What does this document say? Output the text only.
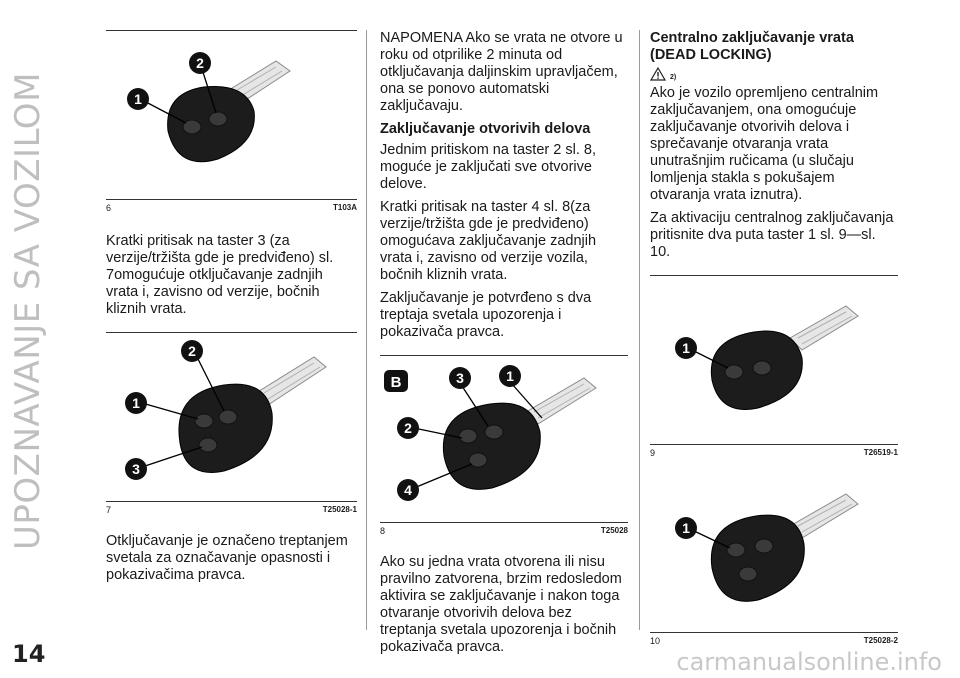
UPOZNAVANJE SA VOZILOM
14
1
2
6	T103A

Kratki pritisak na taster 3 (za verzije/tržišta gde je predviđeno) sl. 7omogućuje otključavanje zadnjih vrata i, zavisno od verzije, bočnih kliznih vrata.

1
2
3
7	T25028-1

Otključavanje je označeno treptanjem svetala za označavanje opasnosti i pokazivačima pravca.

NAPOMENA Ako se vrata ne otvore u roku od otprilike 2 minuta od otključavanja daljinskim upravljačem, ona se ponovo automatski zaključavaju.

Zaključavanje otvorivih delova

Jednim pritiskom na taster 2 sl. 8, moguće je zaključati sve otvorive delove.

Kratki pritisak na taster 4 sl. 8(za verzije/tržišta gde je predviđeno) omogućava zaključavanje zadnjih vrata i, zavisno od verzije vozila, bočnih kliznih vrata.

Zaključavanje je potvrđeno s dva treptaja svetala upozorenja i pokazivača pravca.

B	3	1
2
4
8	T25028

Ako su jedna vrata otvorena ili nisu pravilno zatvorena, brzim redosledom aktivira se zaključavanje i nakon toga otvaranje otvorivih delova bez treptanja svetala upozorenja i bočnih pokazivača pravca.

Centralno zaključavanje vrata (DEAD LOCKING)
2)

Ako je vozilo opremljeno centralnim zaključavanjem, ona omogućuje zaključavanje otvorivih delova i sprečavanje otvaranja vrata unutrašnjim ručicama (u slučaju lomljenja stakla s pokušajem otvaranja vrata iznutra).

Za aktivaciju centralnog zaključavanja pritisnite dva puta taster 1 sl. 9—sl. 10.

1
9	T26519-1
1
10	T25028-2
carmanualsonline.info
